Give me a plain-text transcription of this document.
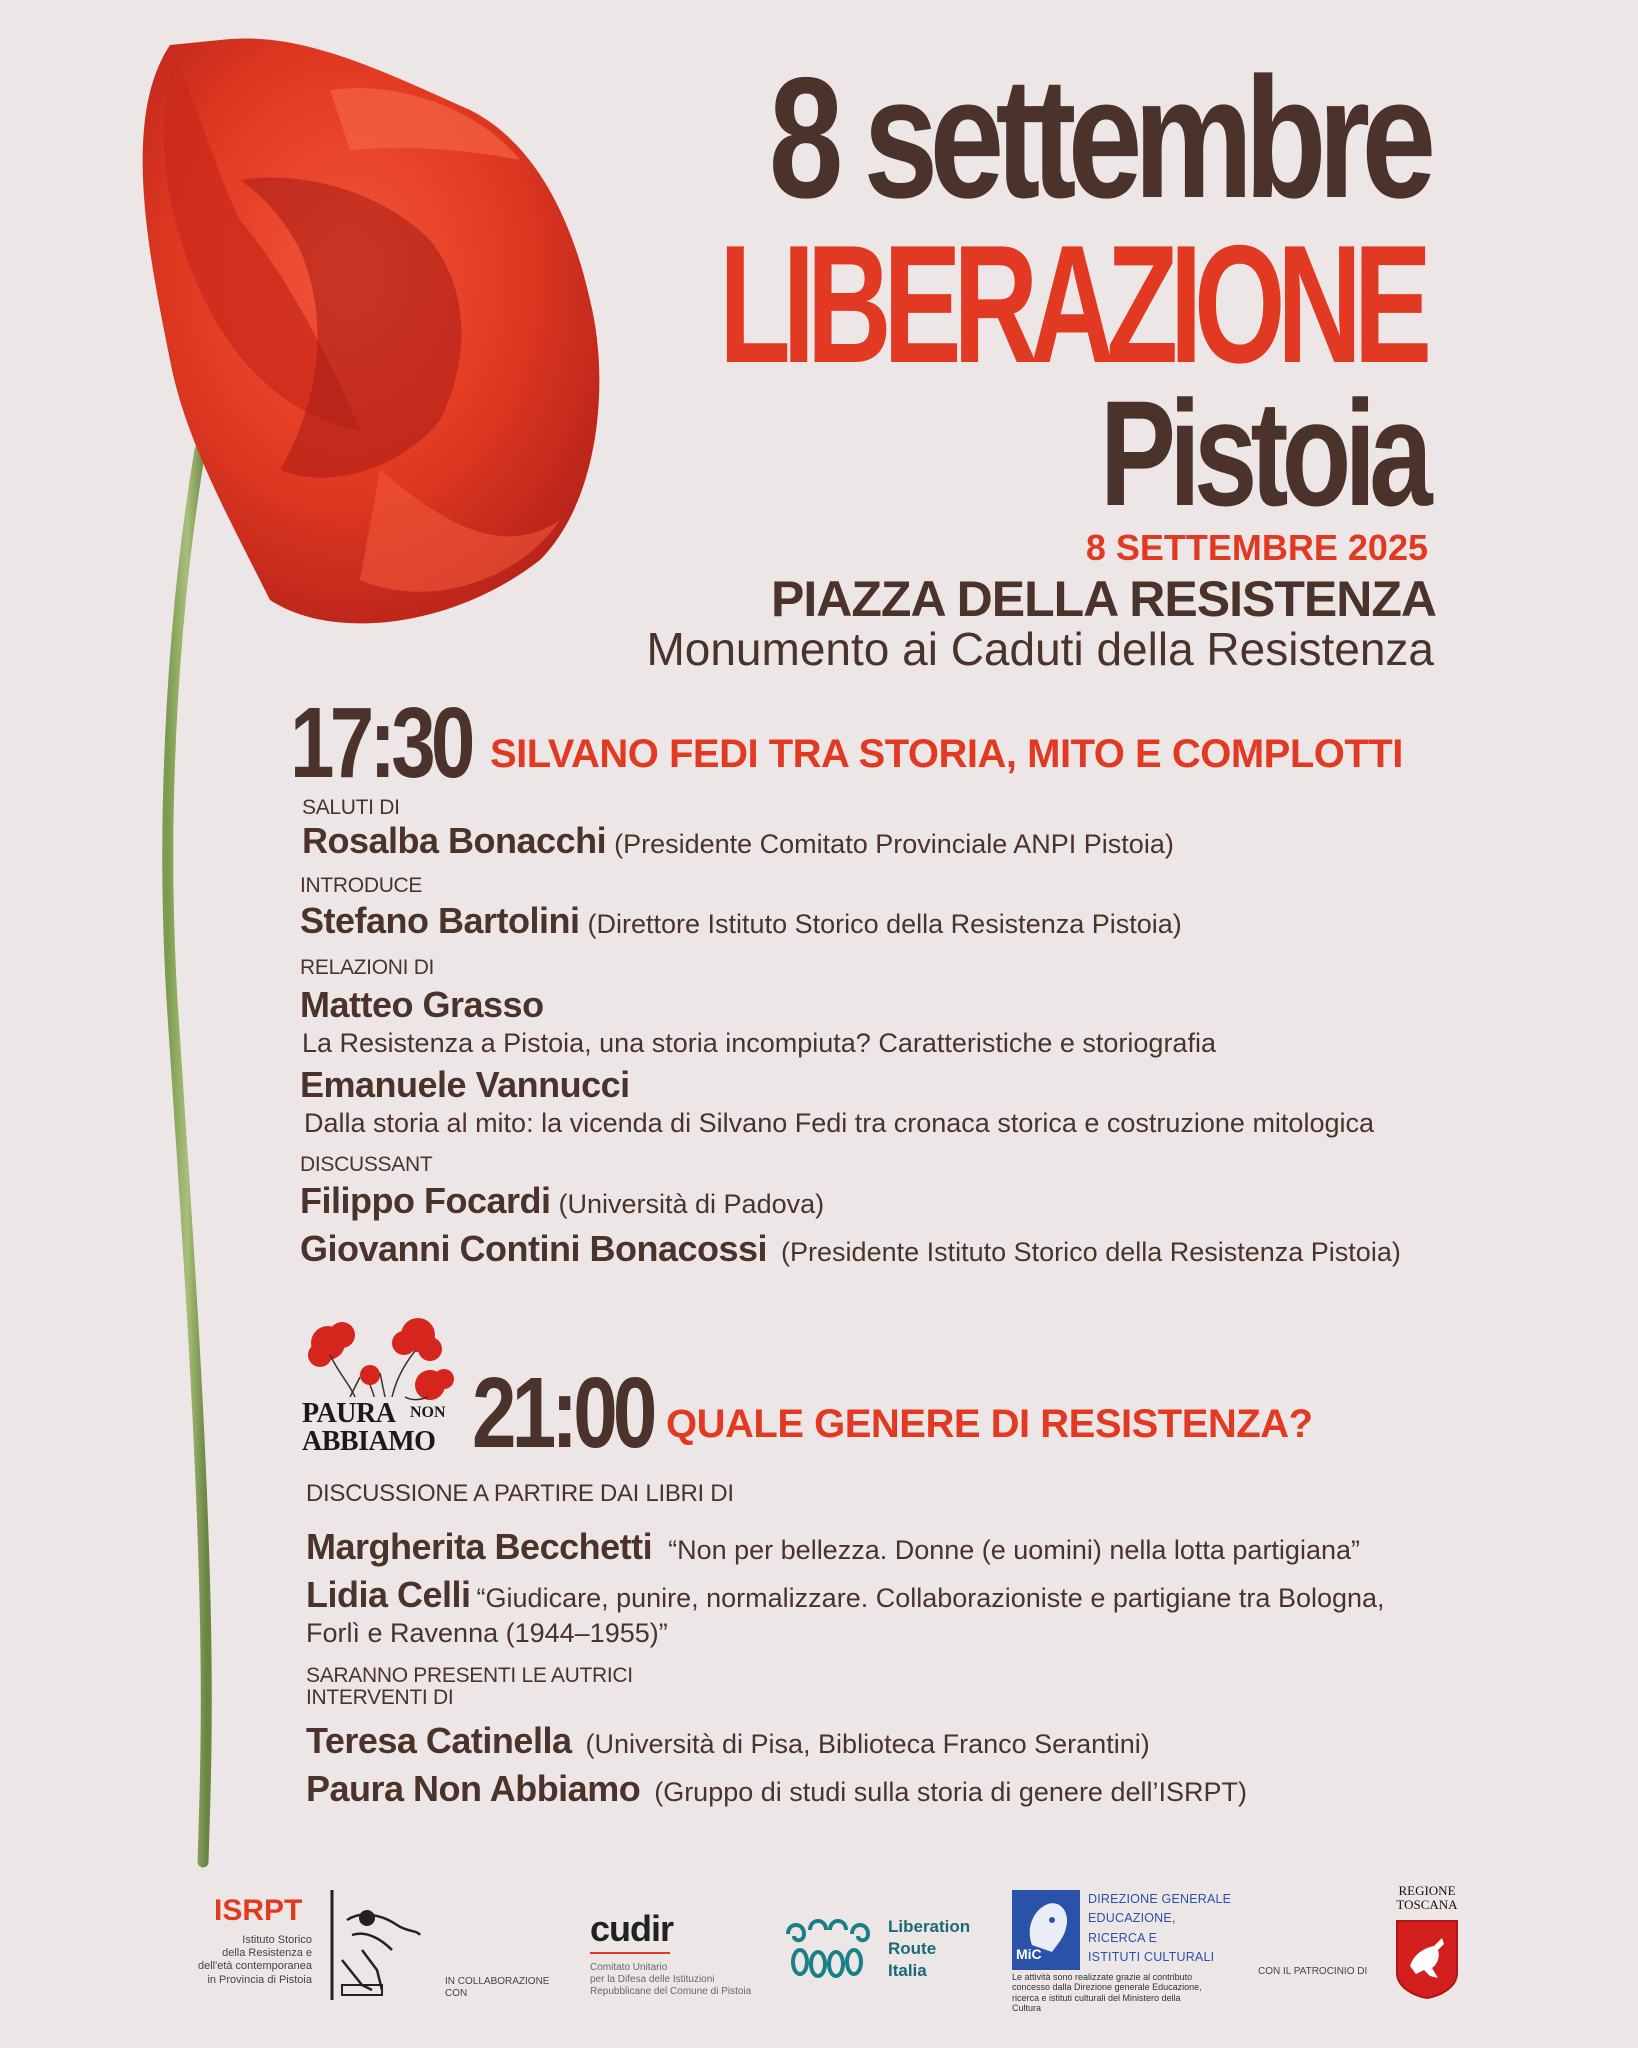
8 settembre
LIBERAZIONE
Pistoia
8 SETTEMBRE 2025
PIAZZA DELLA RESISTENZA
Monumento ai Caduti della Resistenza
17:30 SILVANO FEDI TRA STORIA, MITO E COMPLOTTI
SALUTI DI
Rosalba Bonacchi (Presidente Comitato Provinciale ANPI Pistoia)
INTRODUCE
Stefano Bartolini (Direttore Istituto Storico della Resistenza Pistoia)
RELAZIONI DI
Matteo Grasso
La Resistenza a Pistoia, una storia incompiuta? Caratteristiche e storiografia
Emanuele Vannucci
Dalla storia al mito: la vicenda di Silvano Fedi tra cronaca storica e costruzione mitologica
DISCUSSANT
Filippo Focardi (Università di Padova)
Giovanni Contini Bonacossi (Presidente Istituto Storico della Resistenza Pistoia)
PAURA NON
ABBIAMO 21:00 QUALE GENERE DI RESISTENZA?
DISCUSSIONE A PARTIRE DAI LIBRI DI
Margherita Becchetti “Non per bellezza. Donne (e uomini) nella lotta partigiana”
Lidia Celli “Giudicare, punire, normalizzare. Collaborazioniste e partigiane tra Bologna,
Forlì e Ravenna (1944–1955)”
SARANNO PRESENTI LE AUTRICI
INTERVENTI DI
Teresa Catinella (Università di Pisa, Biblioteca Franco Serantini)
Paura Non Abbiamo (Gruppo di studi sulla storia di genere dell’ISRPT)
ISRPT
Istituto Storico
della Resistenza e
dell'età contemporanea
in Provincia di Pistoia	IN COLLABORAZIONE
CON
cudir
Comitato Unitario
per la Difesa delle Istituzioni
Repubblicane del Comune di Pistoia
Liberation
Route
Italia
MiC
DIREZIONE GENERALE
EDUCAZIONE,
RICERCA E
ISTITUTI CULTURALI
Le attività sono realizzate grazie al contributo
concesso dalla Direzione generale Educazione,
ricerca e istituti culturali del Ministero della
Cultura
CON IL PATROCINIO DI
REGIONE
TOSCANA
